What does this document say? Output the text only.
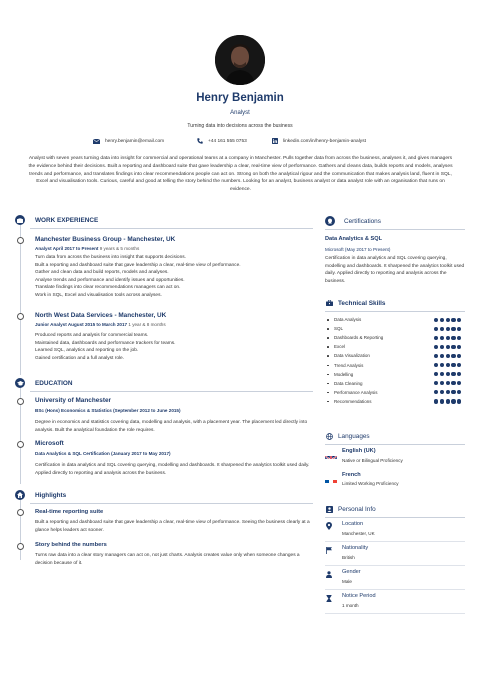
Henry Benjamin
Analyst
Turning data into decisions across the business
henry.benjamin@email.com	+44 161 555 0753	linkedin.com/in/henry-benjamin-analyst
Analyst with seven years turning data into insight for commercial and operational teams at a company in Manchester. Pulls together data from across the business, analyses it, and gives managers the evidence behind their decisions. Built a reporting and dashboard suite that gave leadership a clear, real-time view of performance. Gathers and cleans data, builds reports and models, analyses trends and performance, and translates findings into clear recommendations people can act on. Strong on both the analytical rigour and the communication that makes analysis land, fluent in SQL, Excel and visualisation tools. Curious, careful and good at telling the story behind the numbers. Looking for an analyst, business analyst or data analyst role with an organisation that runs on evidence.
WORK EXPERIENCE
Manchester Business Group - Manchester, UK
Analyst April 2017 to Present 9 years & 5 months
Turn data from across the business into insight that supports decisions.
Built a reporting and dashboard suite that gave leadership a clear, real-time view of performance.
Gather and clean data and build reports, models and analyses.
Analyse trends and performance and identify issues and opportunities.
Translate findings into clear recommendations managers can act on.
Work in SQL, Excel and visualisation tools across analyses.
North West Data Services - Manchester, UK
Junior Analyst August 2015 to March 2017 1 year & 8 months
Produced reports and analysis for commercial teams.
Maintained data, dashboards and performance trackers for teams.
Learned SQL, analytics and reporting on the job.
Gained certification and a full analyst role.
EDUCATION
University of Manchester
BSc (Hons) Economics & Statistics (September 2012 to June 2015)
Degree in economics and statistics covering data, modelling and analysis, with a placement year. The placement led directly into analysis. Built the analytical foundation the role requires.
Microsoft
Data Analytics & SQL Certification (January 2017 to May 2017)
Certification in data analytics and SQL covering querying, modelling and dashboards. It sharpened the analytics toolkit used daily. Applied directly to reporting and analysis across the business.
Highlights
Real-time reporting suite
Built a reporting and dashboard suite that gave leadership a clear, real-time view of performance. Seeing the business clearly at a glance helps leaders act sooner.
Story behind the numbers
Turns raw data into a clear story managers can act on, not just charts. Analysis creates value only when someone changes a decision because of it.
Certifications
Data Analytics & SQL
Microsoft (May 2017 to Present)
Certification in data analytics and SQL covering querying, modelling and dashboards. It sharpened the analytics toolkit used daily. Applied directly to reporting and analysis across the business.
Technical Skills
Data Analysis
SQL
Dashboards & Reporting
Excel
Data Visualization
Trend Analysis
Modelling
Data Cleaning
Performance Analysis
Recommendations
Languages
English (UK)
Native or Bilingual Proficiency
French
Limited Working Proficiency
Personal Info
Location
Manchester, UK
Nationality
British
Gender
Male
Notice Period
1 month
